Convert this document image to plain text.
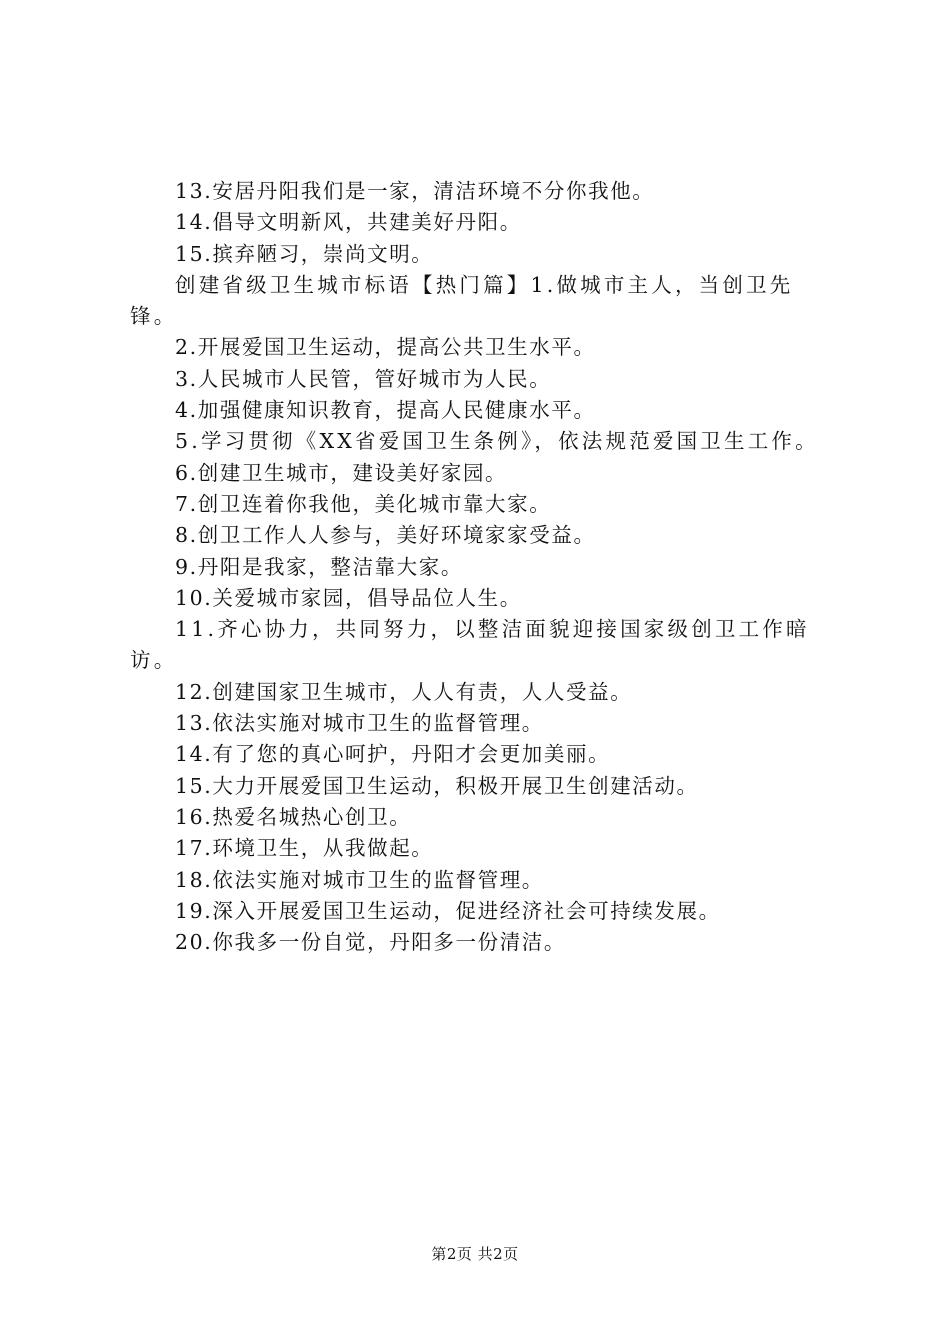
13.安居丹阳我们是一家，清洁环境不分你我他。
14.倡导文明新风，共建美好丹阳。
15.摈弃陋习，崇尚文明。
创建省级卫生城市标语【热门篇】1.做城市主人，当创卫先锋。
2.开展爱国卫生运动，提高公共卫生水平。
3.人民城市人民管，管好城市为人民。
4.加强健康知识教育，提高人民健康水平。
5.学习贯彻《XX省爱国卫生条例》，依法规范爱国卫生工作。
6.创建卫生城市，建设美好家园。
7.创卫连着你我他，美化城市靠大家。
8.创卫工作人人参与，美好环境家家受益。
9.丹阳是我家，整洁靠大家。
10.关爱城市家园，倡导品位人生。
11.齐心协力，共同努力，以整洁面貌迎接国家级创卫工作暗访。
12.创建国家卫生城市，人人有责，人人受益。
13.依法实施对城市卫生的监督管理。
14.有了您的真心呵护，丹阳才会更加美丽。
15.大力开展爱国卫生运动，积极开展卫生创建活动。
16.热爱名城热心创卫。
17.环境卫生，从我做起。
18.依法实施对城市卫生的监督管理。
19.深入开展爱国卫生运动，促进经济社会可持续发展。
20.你我多一份自觉，丹阳多一份清洁。
第2页 共2页
